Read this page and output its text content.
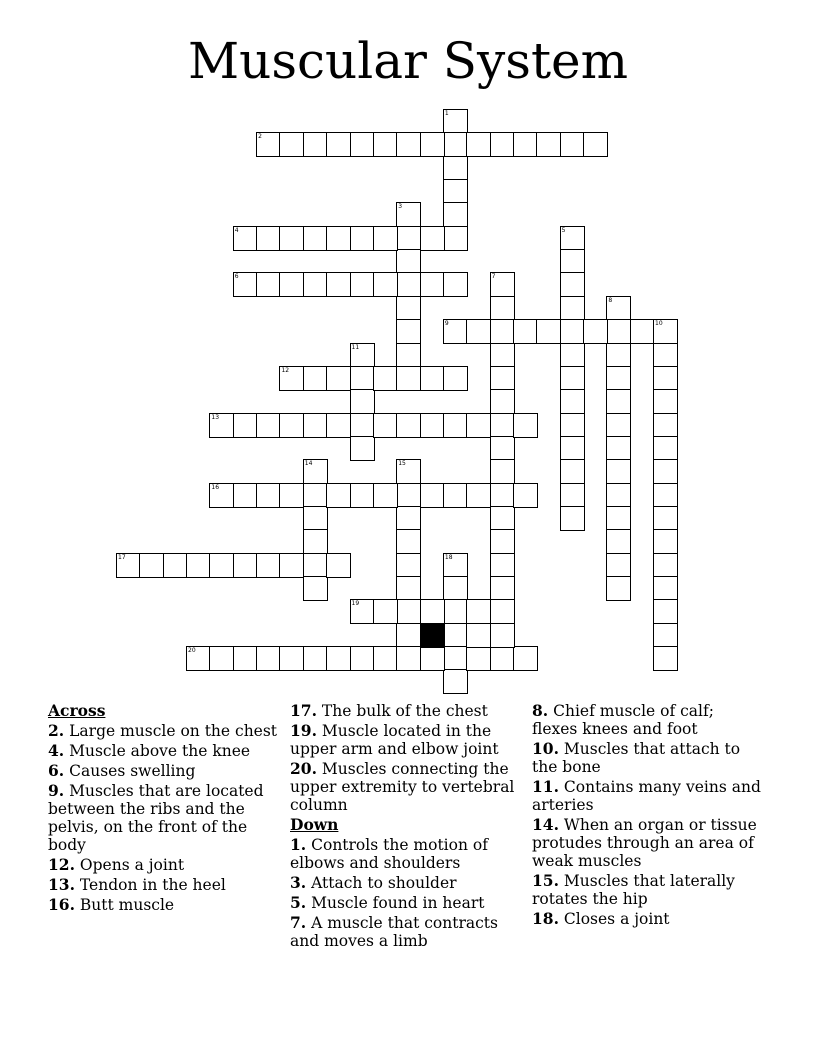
Muscular System
1
2
3
4	5
6	7
8
9	10
11
12
13
14	15
16
17	18
19
20
Across
2. Large muscle on the chest
4. Muscle above the knee
6. Causes swelling
9. Muscles that are located between the ribs and the pelvis, on the front of the body
12. Opens a joint
13. Tendon in the heel
16. Butt muscle
17. The bulk of the chest
19. Muscle located in the upper arm and elbow joint
20. Muscles connecting the upper extremity to vertebral column
Down
1. Controls the motion of elbows and shoulders
3. Attach to shoulder
5. Muscle found in heart
7. A muscle that contracts and moves a limb
8. Chief muscle of calf; flexes knees and foot
10. Muscles that attach to the bone
11. Contains many veins and arteries
14. When an organ or tissue protudes through an area of weak muscles
15. Muscles that laterally rotates the hip
18. Closes a joint
